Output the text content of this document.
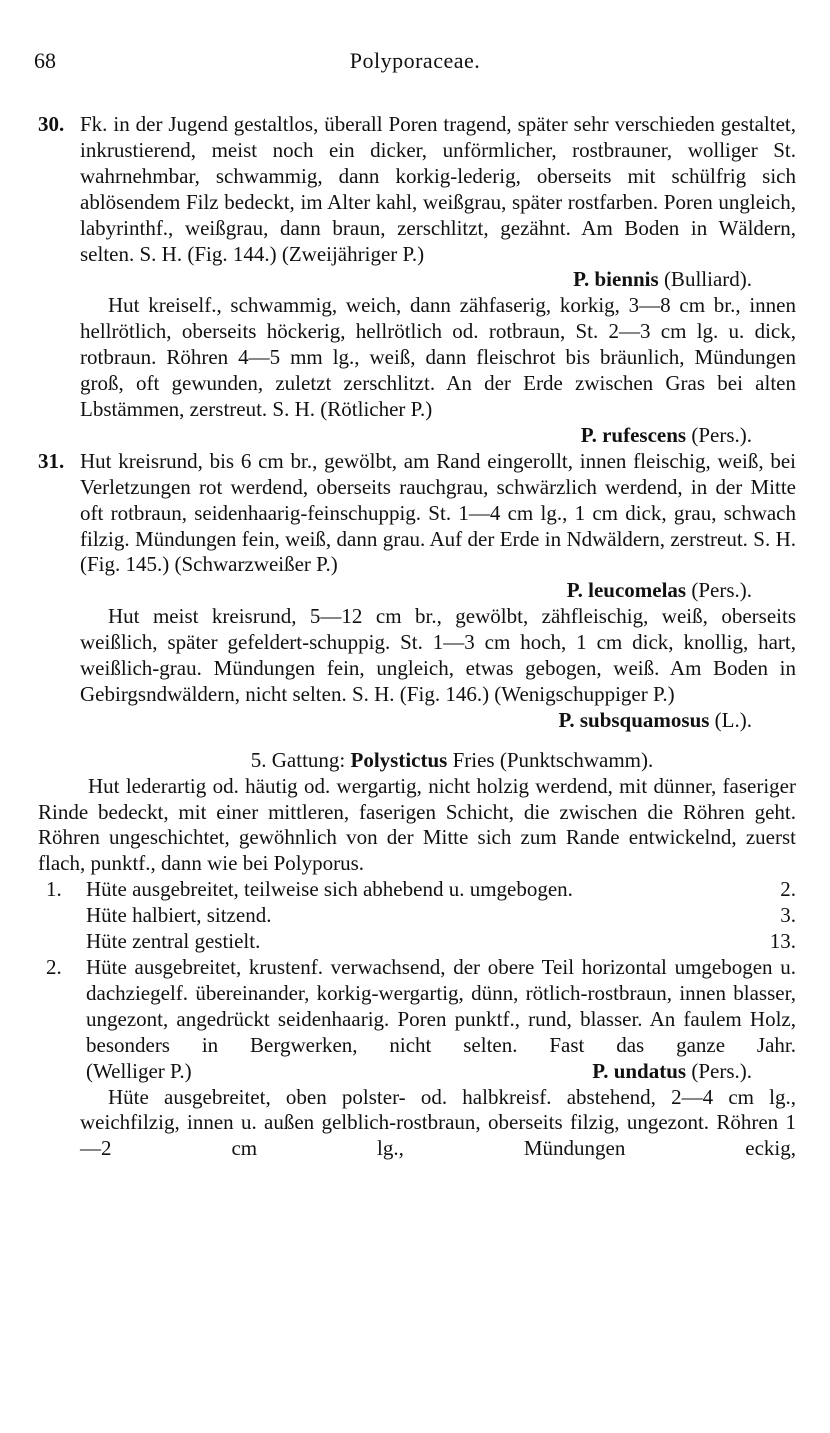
68	Polyporaceae.
30. Fk. in der Jugend gestaltlos, überall Poren tragend, später sehr verschieden gestaltet, inkrustierend, meist noch ein dicker, unförmlicher, rostbrauner, wolliger St. wahrnehmbar, schwammig, dann korkig-lederig, oberseits mit schülfrig sich ablösendem Filz bedeckt, im Alter kahl, weißgrau, später rostfarben. Poren ungleich, labyrinthf., weißgrau, dann braun, zerschlitzt, gezähnt. Am Boden in Wäldern, selten. S. H. (Fig. 144.) (Zweijähriger P.)
P. biennis (Bulliard).
Hut kreiself., schwammig, weich, dann zähfaserig, korkig, 3—8 cm br., innen hellrötlich, oberseits höckerig, hellrötlich od. rotbraun, St. 2—3 cm lg. u. dick, rotbraun. Röhren 4—5 mm lg., weiß, dann fleischrot bis bräunlich, Mündungen groß, oft gewunden, zuletzt zerschlitzt. An der Erde zwischen Gras bei alten Lbstämmen, zerstreut. S. H. (Rötlicher P.)
P. rufescens (Pers.).
31. Hut kreisrund, bis 6 cm br., gewölbt, am Rand eingerollt, innen fleischig, weiß, bei Verletzungen rot werdend, oberseits rauchgrau, schwärzlich werdend, in der Mitte oft rotbraun, seidenhaarig-feinschuppig. St. 1—4 cm lg., 1 cm dick, grau, schwach filzig. Mündungen fein, weiß, dann grau. Auf der Erde in Ndwäldern, zerstreut. S. H. (Fig. 145.) (Schwarzweißer P.)
P. leucomelas (Pers.).
Hut meist kreisrund, 5—12 cm br., gewölbt, zähfleischig, weiß, oberseits weißlich, später gefeldert-schuppig. St. 1—3 cm hoch, 1 cm dick, knollig, hart, weißlich-grau. Mündungen fein, ungleich, etwas gebogen, weiß. Am Boden in Gebirgsndwäldern, nicht selten. S. H. (Fig. 146.) (Wenigschuppiger P.)
P. subsquamosus (L.).
5. Gattung: Polystictus Fries (Punktschwamm).
Hut lederartig od. häutig od. wergartig, nicht holzig werdend, mit dünner, faseriger Rinde bedeckt, mit einer mittleren, faserigen Schicht, die zwischen die Röhren geht. Röhren ungeschichtet, gewöhnlich von der Mitte sich zum Rande entwickelnd, zuerst flach, punktf., dann wie bei Polyporus.
1. Hüte ausgebreitet, teilweise sich abhebend u. umgebogen.	2.
Hüte halbiert, sitzend.	3.
Hüte zentral gestielt.	13.
2. Hüte ausgebreitet, krustenf. verwachsend, der obere Teil horizontal umgebogen u. dachziegelf. übereinander, korkig-wergartig, dünn, rötlich-rostbraun, innen blasser, ungezont, angedrückt seidenhaarig. Poren punktf., rund, blasser. An faulem Holz, besonders in Bergwerken, nicht selten. Fast das ganze Jahr.
(Welliger P.)	P. undatus (Pers.).
Hüte ausgebreitet, oben polster- od. halbkreisf. abstehend, 2—4 cm lg., weichfilzig, innen u. außen gelblich-rostbraun, oberseits filzig, ungezont. Röhren 1—2 cm lg., Mündungen eckig,
